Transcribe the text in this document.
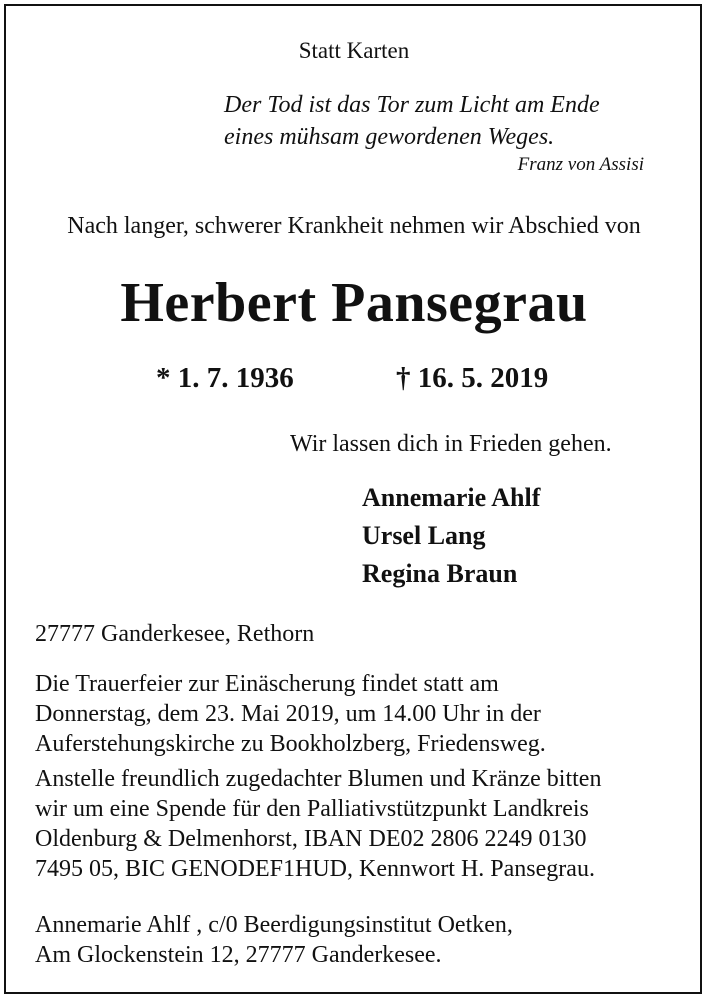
Statt Karten

Der Tod ist das Tor zum Licht am Ende
eines mühsam gewordenen Weges.

Franz von Assisi

Nach langer, schwerer Krankheit nehmen wir Abschied von

Herbert Pansegrau

* 1. 7. 1936	† 16. 5. 2019

Wir lassen dich in Frieden gehen.

Annemarie Ahlf
Ursel Lang
Regina Braun

27777 Ganderkesee, Rethorn

Die Trauerfeier zur Einäscherung findet statt am
Donnerstag, dem 23. Mai 2019, um 14.00 Uhr in der
Auferstehungskirche zu Bookholzberg, Friedensweg.
Anstelle freundlich zugedachter Blumen und Kränze bitten
wir um eine Spende für den Palliativstützpunkt Landkreis
Oldenburg & Delmenhorst, IBAN DE02 2806 2249 0130
7495 05, BIC GENODEF1HUD, Kennwort H. Pansegrau.
Annemarie Ahlf , c/0 Beerdigungsinstitut Oetken,
Am Glockenstein 12, 27777 Ganderkesee.
